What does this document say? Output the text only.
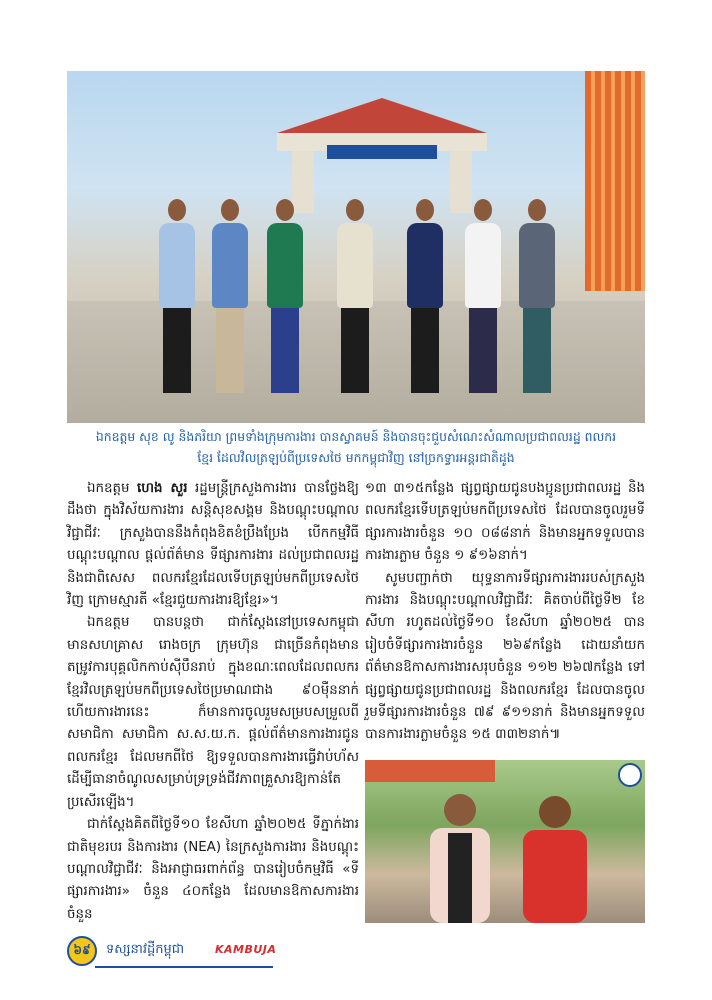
ឯកឧត្តម សុខ លូ និងភរិយា ព្រមទាំងក្រុមការងារ បានស្វាគមន៍ និងបានចុះជួបសំណេះសំណាលប្រជាពលរដ្ឋ ពលករ
ខ្មែរ ដែលវិលត្រឡប់ពីប្រទេសថៃ មកកម្ពុជាវិញ នៅច្រកទ្វារអន្តរជាតិដូង

ឯកឧត្តម ហេង សួរ រដ្ឋមន្ត្រីក្រសួងការងារ បានថ្លែងឱ្យដឹងថា ក្នុងវិស័យការងារ សន្តិសុខសង្គម និងបណ្តុះបណ្តាលវិជ្ជាជីវៈ ក្រសួងបាននឹងកំពុងខិតខំប្រឹងប្រែង បើកកម្មវិធីបណ្តុះបណ្តាល ផ្តល់ព័ត៌មាន ទីផ្សារការងារ ដល់ប្រជាពលរដ្ឋ និងជាពិសេស ពលករខ្មែរដែលទើបត្រឡប់មកពីប្រទេសថៃវិញ ក្រោមស្មារតី «ខ្មែរជួយការងារឱ្យខ្មែរ»។

ឯកឧត្តម បានបន្តថា ជាក់ស្តែងនៅប្រទេសកម្ពុជាមានសហគ្រាស រោងចក្រ ក្រុមហ៊ុន ជាច្រើនកំពុងមានតម្រូវការបុគ្គលិកកាប់ស៊ីបឹនរាប់ ក្នុងខណៈពេលដែលពលករខ្មែរវិលត្រឡប់មកពីប្រទេសថៃប្រមាណជាង ៩០ម៉ឺននាក់ ហើយការងារនេះ ក៏មានការចូលរួមសម្របសម្រួលពីសមាជិកា សមាជិកា ស.ស.យ.ក. ផ្តល់ព័ត៌មានការងារជូនពលករខ្មែរ ដែលមកពីថៃ ឱ្យទទួលបានការងារធ្វើវាប់ហ័ស ដើម្បីធានាចំណូលសម្រាប់ទ្រទ្រង់ជីវភាពគ្រួសារឱ្យកាន់តែប្រសើរឡើង។

ជាក់ស្តែងគិតពីថ្ងៃទី១០ ខែសីហា ឆ្នាំ២០២៥ ទីភ្នាក់ងារជាតិមុខរបរ និងការងារ (NEA) នៃក្រសួងការងារ និងបណ្តុះបណ្តាលវិជ្ជាជីវៈ និងអាជ្ញាធរពាក់ព័ន្ធ បានរៀបចំកម្មវិធី «ទីផ្សារការងារ» ចំនួន ៤០កន្លែង ដែលមានឱកាសការងារ ចំនួន

១៣ ៣១៥កន្លែង ផ្សព្វផ្សាយជូនបងប្អូនប្រជាពលរដ្ឋ និងពលករខ្មែរទើបត្រឡប់មកពីប្រទេសថៃ ដែលបានចូលរួមទីផ្សារការងារចំនួន ១០ ០៨៨នាក់ និងមានអ្នកទទួលបានការងារភ្លាម ចំនួន ១ ៩១៦នាក់។

សូមបញ្ជាក់ថា យុទ្ធនាការទីផ្សារការងាររបស់ក្រសួងការងារ និងបណ្តុះបណ្តាលវិជ្ជាជីវៈ គិតចាប់ពីថ្ងៃទី២ ខែសីហា រហូតដល់ថ្ងៃទី១០ ខែសីហា ឆ្នាំ២០២៥ បានរៀបចំទីផ្សារការងារចំនួន ២៦៩កន្លែង ដោយនាំយកព័ត៌មានឱកាសការងារសរុបចំនួន ១១២ ២៦៧កន្លែង ទៅផ្សព្វផ្សាយជូនប្រជាពលរដ្ឋ និងពលករខ្មែរ ដែលបានចូលរួមទីផ្សារការងារចំនួន ៧៩ ៩១១នាក់ និងមានអ្នកទទួលបានការងារភ្លាមចំនួន ១៥ ៣៣២នាក់៕

៦៩	ទស្សនាវដ្តីកម្ពុជា	KAMBUJA
